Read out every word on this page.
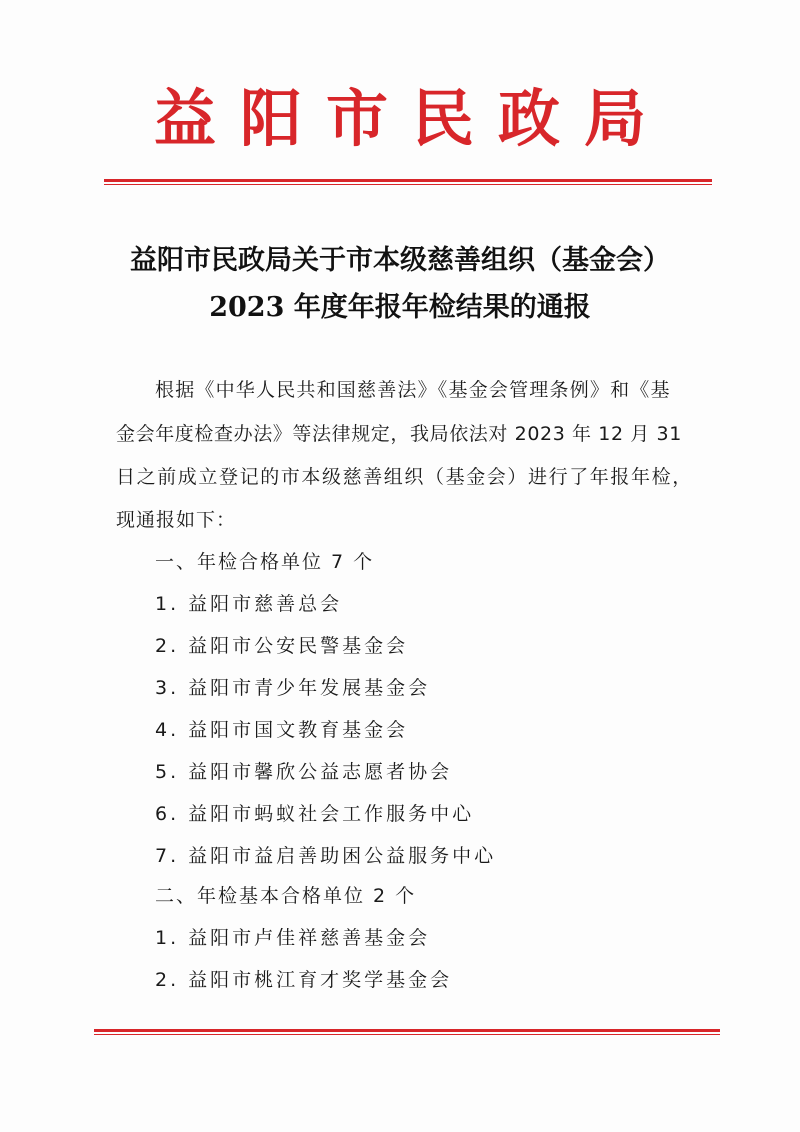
益阳市民政局
益阳市民政局关于市本级慈善组织（基金会）
2023 年度年报年检结果的通报
根据《中华人民共和国慈善法》《基金会管理条例》和《基
金会年度检查办法》等法律规定，我局依法对 2023 年 12 月 31
日之前成立登记的市本级慈善组织（基金会）进行了年报年检，
现通报如下：
一、年检合格单位 7 个
1. 益阳市慈善总会
2. 益阳市公安民警基金会
3. 益阳市青少年发展基金会
4. 益阳市国文教育基金会
5. 益阳市馨欣公益志愿者协会
6. 益阳市蚂蚁社会工作服务中心
7. 益阳市益启善助困公益服务中心
二、年检基本合格单位 2 个
1. 益阳市卢佳祥慈善基金会
2. 益阳市桃江育才奖学基金会
